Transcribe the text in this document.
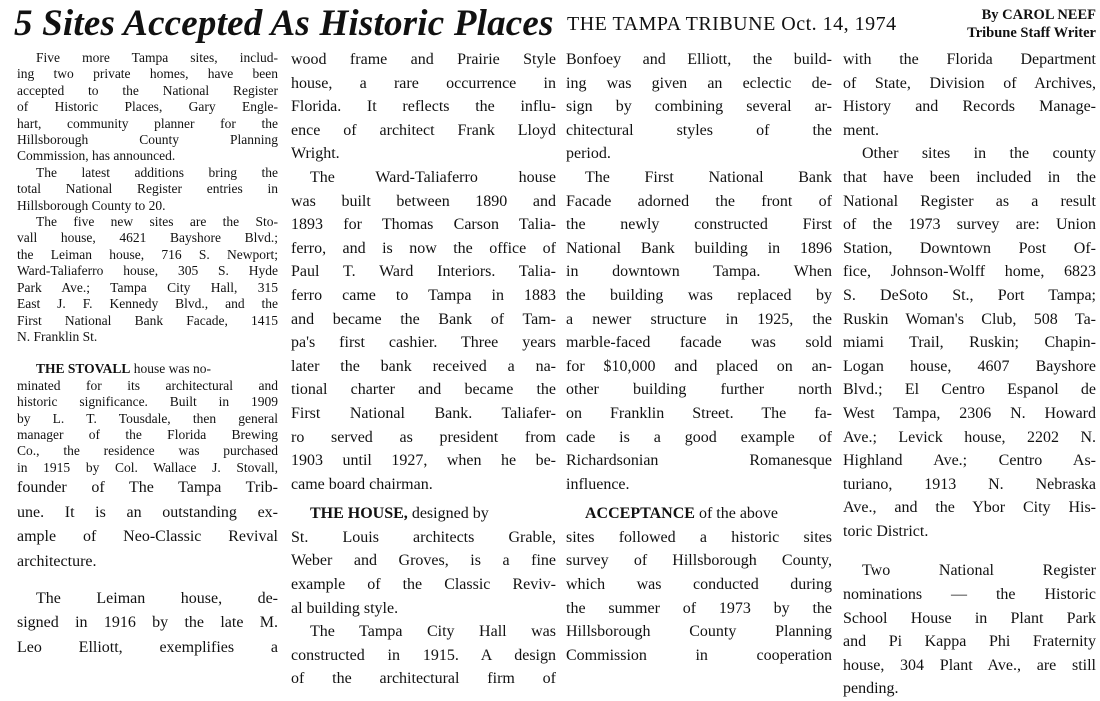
5 Sites Accepted As Historic Places THE TAMPA TRIBUNE Oct. 14, 1974	By CAROL NEEF
Tribune Staff Writer
Five more Tampa sites, includ-
ing two private homes, have been
accepted to the National Register
of Historic Places, Gary Engle-
hart, community planner for the
Hillsborough County Planning
Commission, has announced.
The latest additions bring the
total National Register entries in
Hillsborough County to 20.
The five new sites are the Sto-
vall house, 4621 Bayshore Blvd.;
the Leiman house, 716 S. Newport;
Ward-Taliaferro house, 305 S. Hyde
Park Ave.; Tampa City Hall, 315
East J. F. Kennedy Blvd., and the
First National Bank Facade, 1415
N. Franklin St.
THE STOVALL house was no-
minated for its architectural and
historic significance. Built in 1909
by L. T. Tousdale, then general
manager of the Florida Brewing
Co., the residence was purchased
in 1915 by Col. Wallace J. Stovall,
founder of The Tampa Trib-
une. It is an outstanding ex-
ample of Neo-Classic Revival
architecture.
The Leiman house, de-
signed in 1916 by the late M.
Leo Elliott, exemplifies a
wood frame and Prairie Style
house, a rare occurrence in
Florida. It reflects the influ-
ence of architect Frank Lloyd
Wright.
The Ward-Taliaferro house
was built between 1890 and
1893 for Thomas Carson Talia-
ferro, and is now the office of
Paul T. Ward Interiors. Talia-
ferro came to Tampa in 1883
and became the Bank of Tam-
pa's first cashier. Three years
later the bank received a na-
tional charter and became the
First National Bank. Taliafer-
ro served as president from
1903 until 1927, when he be-
came board chairman.
THE HOUSE, designed by
St. Louis architects Grable,
Weber and Groves, is a fine
example of the Classic Reviv-
al building style.
The Tampa City Hall was
constructed in 1915. A design
of the architectural firm of
Bonfoey and Elliott, the build-
ing was given an eclectic de-
sign by combining several ar-
chitectural styles of the
period.
The First National Bank
Facade adorned the front of
the newly constructed First
National Bank building in 1896
in downtown Tampa. When
the building was replaced by
a newer structure in 1925, the
marble-faced facade was sold
for $10,000 and placed on an-
other building further north
on Franklin Street. The fa-
cade is a good example of
Richardsonian Romanesque
influence.
ACCEPTANCE of the above
sites followed a historic sites
survey of Hillsborough County,
which was conducted during
the summer of 1973 by the
Hillsborough County Planning
Commission in cooperation
with the Florida Department
of State, Division of Archives,
History and Records Manage-
ment.
Other sites in the county
that have been included in the
National Register as a result
of the 1973 survey are: Union
Station, Downtown Post Of-
fice, Johnson-Wolff home, 6823
S. DeSoto St., Port Tampa;
Ruskin Woman's Club, 508 Ta-
miami Trail, Ruskin; Chapin-
Logan house, 4607 Bayshore
Blvd.; El Centro Espanol de
West Tampa, 2306 N. Howard
Ave.; Levick house, 2202 N.
Highland Ave.; Centro As-
turiano, 1913 N. Nebraska
Ave., and the Ybor City His-
toric District.
Two National Register
nominations — the Historic
School House in Plant Park
and Pi Kappa Phi Fraternity
house, 304 Plant Ave., are still
pending.
